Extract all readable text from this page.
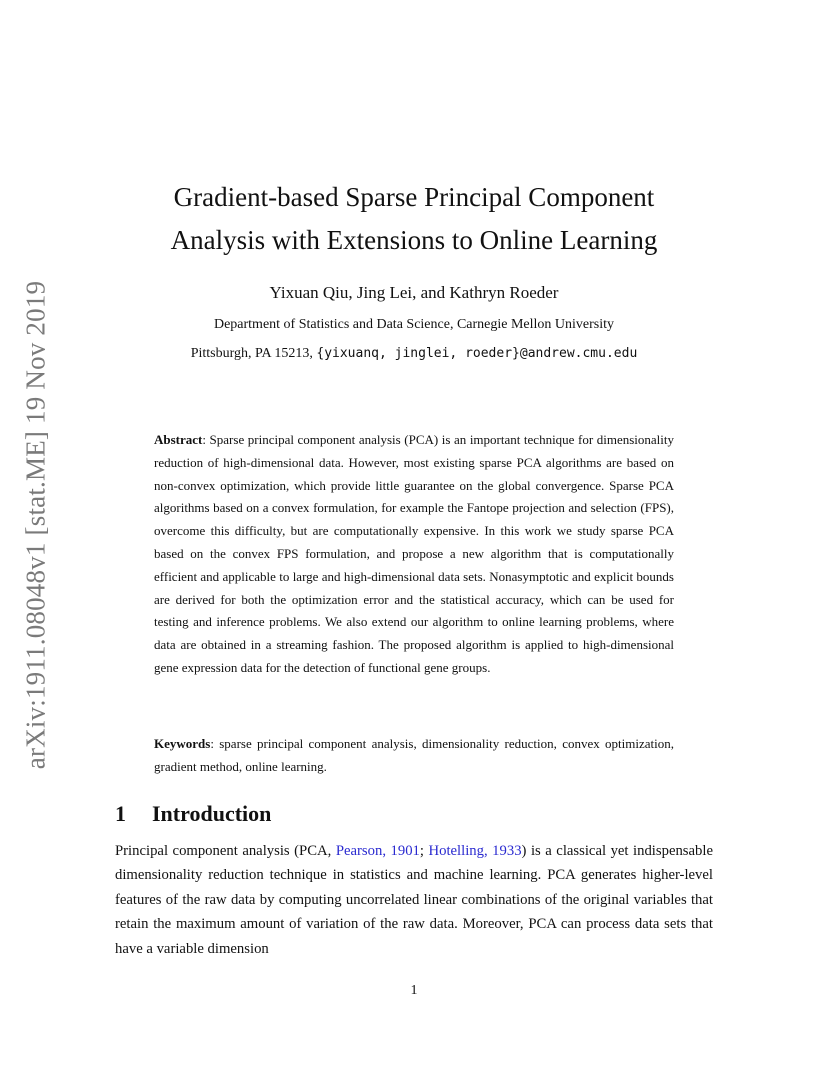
arXiv:1911.08048v1 [stat.ME] 19 Nov 2019
Gradient-based Sparse Principal Component
Analysis with Extensions to Online Learning
Yixuan Qiu, Jing Lei, and Kathryn Roeder
Department of Statistics and Data Science, Carnegie Mellon University
Pittsburgh, PA 15213, {yixuanq, jinglei, roeder}@andrew.cmu.edu
Abstract: Sparse principal component analysis (PCA) is an important technique for dimensionality reduction of high-dimensional data. However, most existing sparse PCA algorithms are based on non-convex optimization, which provide little guarantee on the global convergence. Sparse PCA algorithms based on a convex formulation, for example the Fantope projection and selection (FPS), overcome this difficulty, but are computationally expensive. In this work we study sparse PCA based on the convex FPS formulation, and propose a new algorithm that is computationally efficient and applicable to large and high-dimensional data sets. Nonasymptotic and explicit bounds are derived for both the optimization error and the statistical accuracy, which can be used for testing and inference problems. We also extend our algorithm to online learning problems, where data are obtained in a streaming fashion. The proposed algorithm is applied to high-dimensional gene expression data for the detection of functional gene groups.
Keywords: sparse principal component analysis, dimensionality reduction, convex optimization, gradient method, online learning.
1 Introduction
Principal component analysis (PCA, Pearson, 1901; Hotelling, 1933) is a classical yet indispensable dimensionality reduction technique in statistics and machine learning. PCA generates higher-level features of the raw data by computing uncorrelated linear combinations of the original variables that retain the maximum amount of variation of the raw data. Moreover, PCA can process data sets that have a variable dimension
1
